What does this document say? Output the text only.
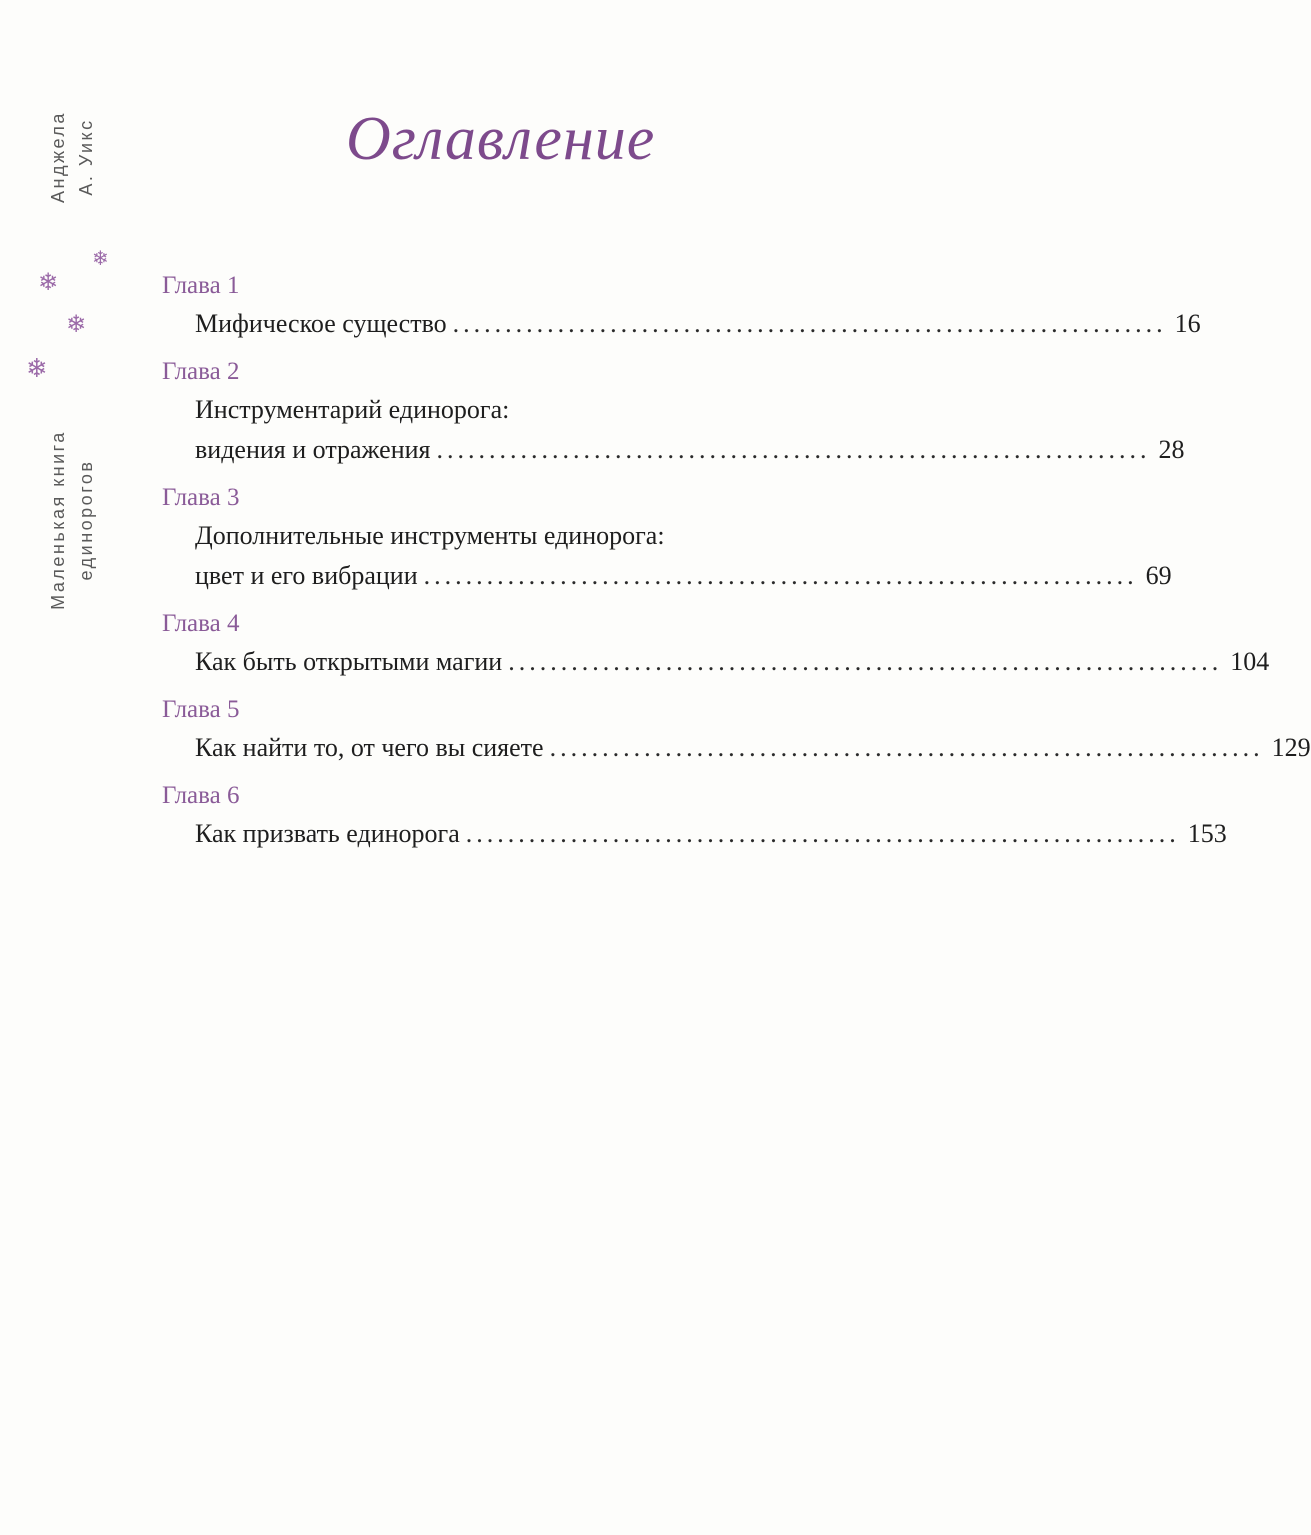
Анджела А. Уикс
Маленькая книга единорогов
❄
❄
❄
❄
Оглавление
Глава 1
Мифическое существо .................................................................... 16
Глава 2
Инструментарий единорога:
видения и отражения .................................................................... 28
Глава 3
Дополнительные инструменты единорога:
цвет и его вибрации .................................................................... 69
Глава 4
Как быть открытыми магии .................................................................... 104
Глава 5
Как найти то, от чего вы сияете .................................................................... 129
Глава 6
Как призвать единорога .................................................................... 153
